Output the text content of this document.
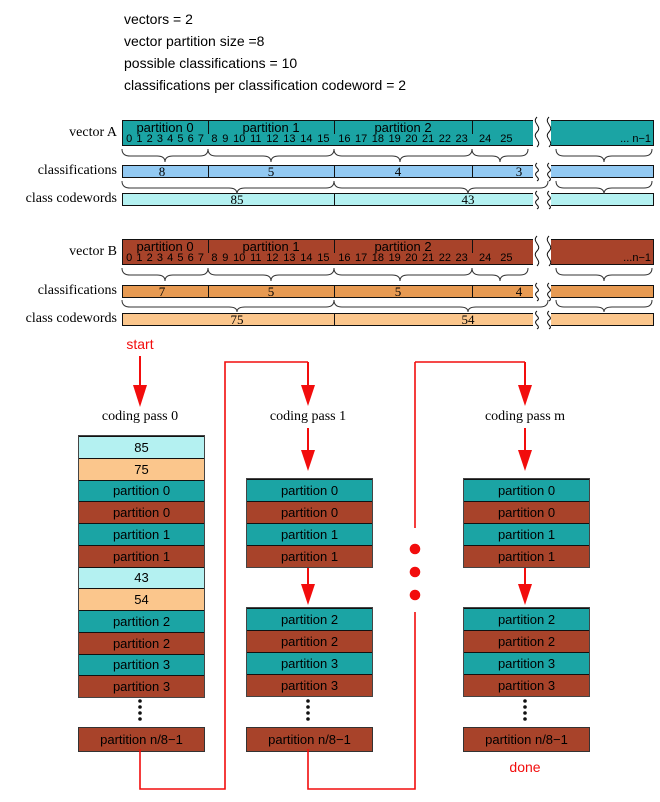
vectors = 2
vector partition size =8
possible classifications = 10
classifications per classification codeword = 2
vector A
classifications
class codewords
partition 0	partition 1	partition 2
0 1 2 3 4 5 6 7 8 9 10 11 12 13 14 15 16 17 18 19 20 21 22 23 24 25	... n−1
8	5	4	3
85	43
vector B
classifications
class codewords
partition 0	partition 1	partition 2
0 1 2 3 4 5 6 7 8 9 10 11 12 13 14 15 16 17 18 19 20 21 22 23 24 25	...n−1
7	5	5	4
75	54
start
done
coding pass 0	coding pass 1	coding pass m
85
75
partition 0
partition 0
partition 1
partition 1
43
54
partition 2
partition 2
partition 3
partition 3
partition n/8−1
partition 0
partition 0
partition 1
partition 1
partition 2
partition 2
partition 3
partition 3
partition n/8−1
partition 0
partition 0
partition 1
partition 1
partition 2
partition 2
partition 3
partition 3
partition n/8−1
